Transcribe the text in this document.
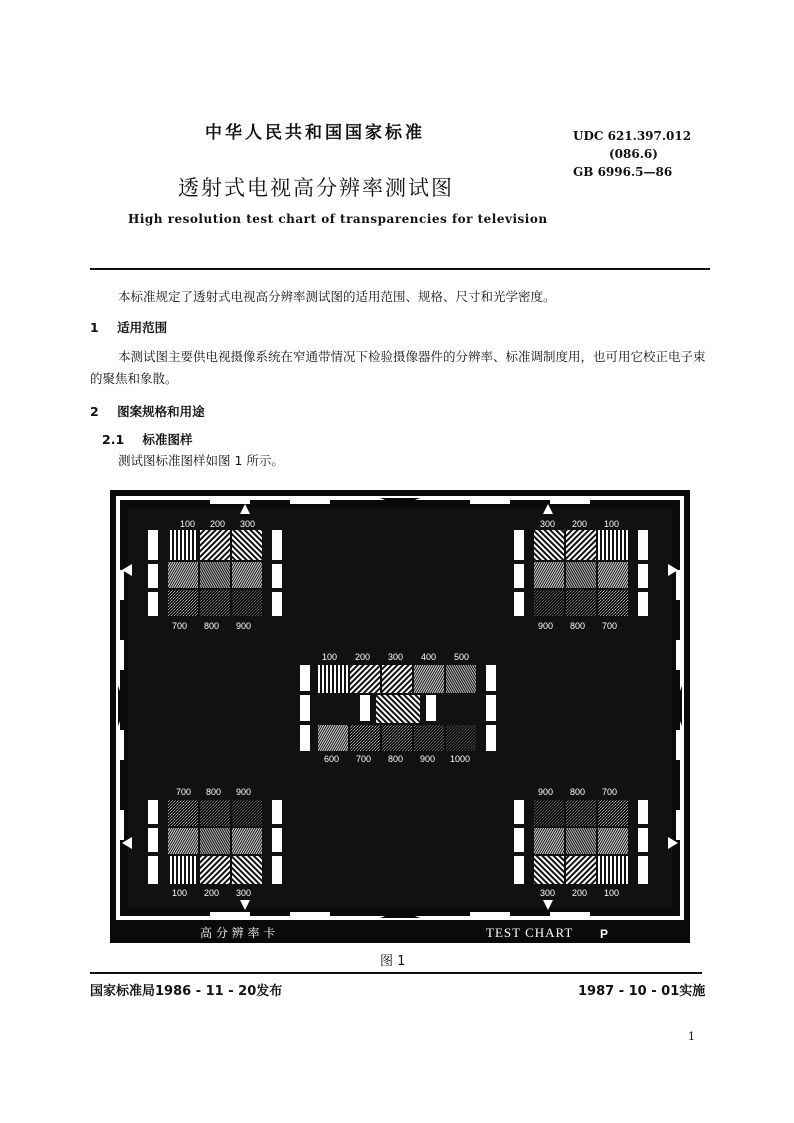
中华人民共和国国家标准	UDC 621.397.012
(086.6)
GB 6996.5—86
透射式电视高分辨率测试图
High resolution test chart of transparencies for television
本标准规定了透射式电视高分辨率测试图的适用范围、规格、尺寸和光学密度。
1 适用范围
本测试图主要供电视摄像系统在窄通带情况下检验摄像器件的分辨率、标准调制度用，也可用它校正电子束的聚焦和象散。
2 图案规格和用途
2.1 标准图样
测试图标准图样如图 1 所示。
100 200 300
700 800 900
300 200 100
900 800 700
100 200 300 400 500
600 700 800 900 1000
700 800 900
100 200 300
900 800 700
300 200 100
高 分 辨 率 卡	TEST CHART P
图 1
国家标准局1986 - 11 - 20发布	1987 - 10 - 01实施
1
